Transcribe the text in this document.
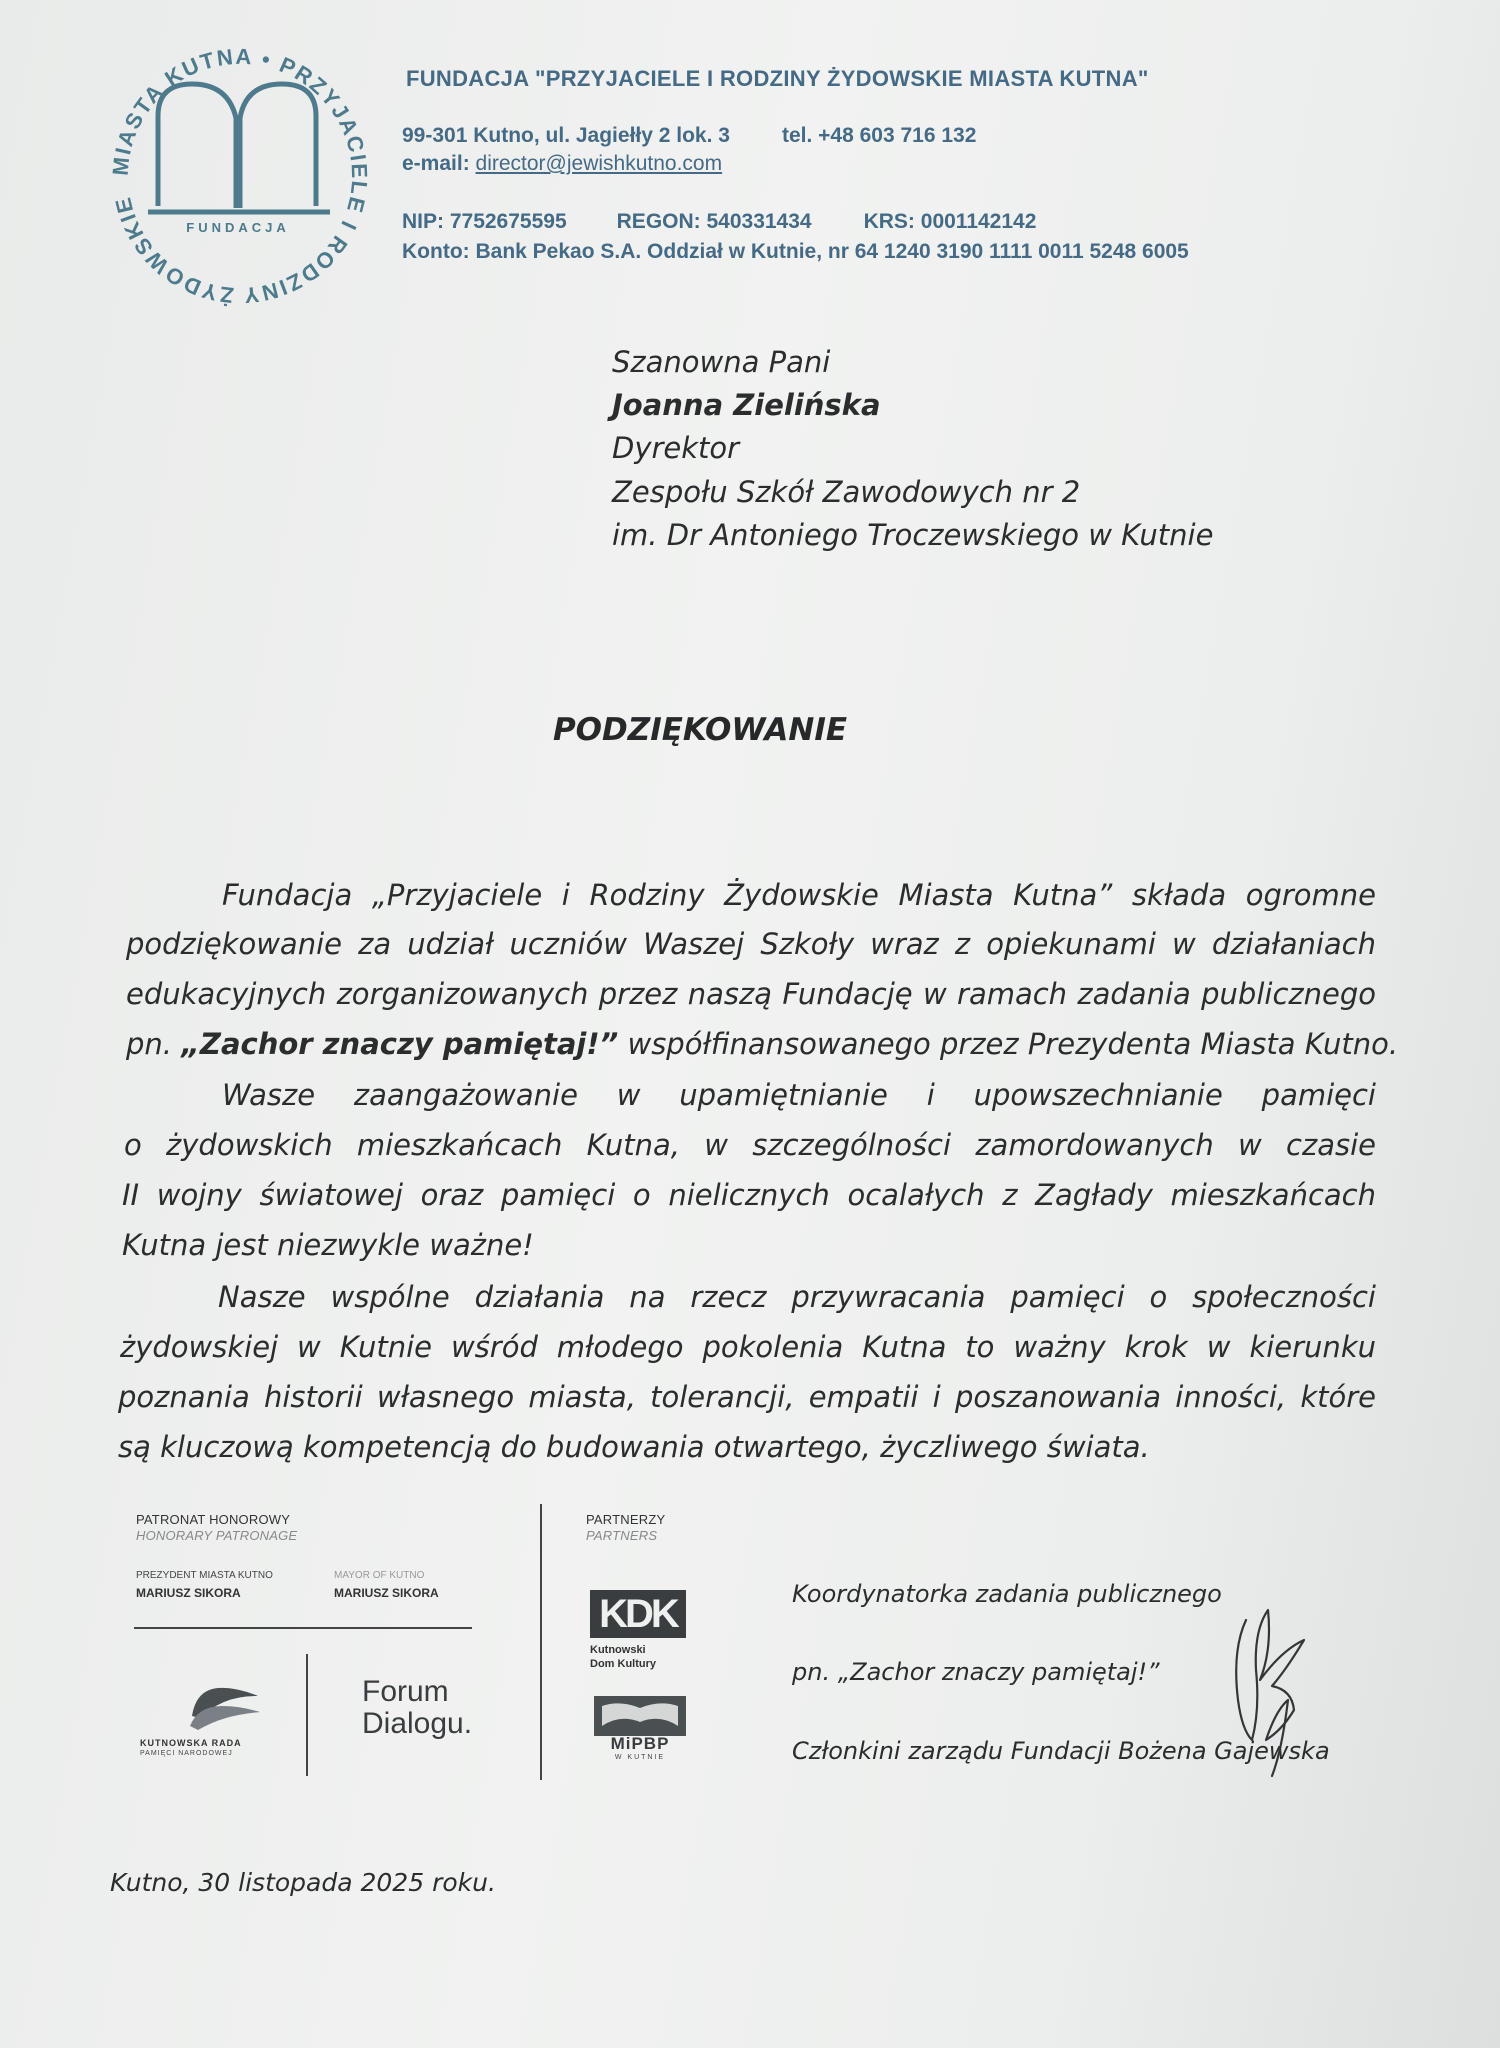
MIASTA KUTNA • PRZYJACIELE I RODZINY ŻYDOWSKIE
FUNDACJA
FUNDACJA "PRZYJACIELE I RODZINY ŻYDOWSKIE MIASTA KUTNA"
99-301 Kutno, ul. Jagiełły 2 lok. 3 tel. +48 603 716 132
e-mail: director@jewishkutno.com
NIP: 7752675595 REGON: 540331434 KRS: 0001142142
Konto: Bank Pekao S.A. Oddział w Kutnie, nr 64 1240 3190 1111 0011 5248 6005
Szanowna Pani
Joanna Zielińska
Dyrektor
Zespołu Szkół Zawodowych nr 2
im. Dr Antoniego Troczewskiego w Kutnie
PODZIĘKOWANIE
Fundacja „Przyjaciele i Rodziny Żydowskie Miasta Kutna” składa ogromne
podziękowanie za udział uczniów Waszej Szkoły wraz z opiekunami w działaniach
edukacyjnych zorganizowanych przez naszą Fundację w ramach zadania publicznego
pn. „Zachor znaczy pamiętaj!” współfinansowanego przez Prezydenta Miasta Kutno.
Wasze zaangażowanie w upamiętnianie i upowszechnianie pamięci
o żydowskich mieszkańcach Kutna, w szczególności zamordowanych w czasie
II wojny światowej oraz pamięci o nielicznych ocalałych z Zagłady mieszkańcach
Kutna jest niezwykle ważne!
Nasze wspólne działania na rzecz przywracania pamięci o społeczności
żydowskiej w Kutnie wśród młodego pokolenia Kutna to ważny krok w kierunku
poznania historii własnego miasta, tolerancji, empatii i poszanowania inności, które
są kluczową kompetencją do budowania otwartego, życzliwego świata.
PATRONAT HONOROWY
HONORARY PATRONAGE
PREZYDENT MIASTA KUTNO
MARIUSZ SIKORA
MAYOR OF KUTNO
MARIUSZ SIKORA
KUTNOWSKA RADA
PAMIĘCI NARODOWEJ
Forum
Dialogu.
PARTNERZY
PARTNERS
KDK
Kutnowski
Dom Kultury
MiPBP
W KUTNIE
Koordynatorka zadania publicznego
pn. „Zachor znaczy pamiętaj!”
Członkini zarządu Fundacji Bożena Gajewska
Kutno, 30 listopada 2025 roku.
